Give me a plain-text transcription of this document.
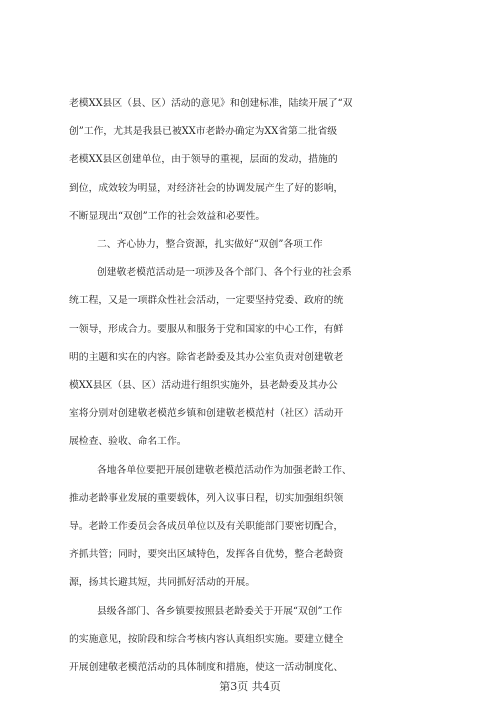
老模XX县区（县、区）活动的意见》和创建标准，陆续开展了“双
创”工作，尤其是我县已被XX市老龄办确定为XX省第二批省级
老模XX县区创建单位，由于领导的重视，层面的发动，措施的
到位，成效较为明显，对经济社会的协调发展产生了好的影响，
不断显现出“双创”工作的社会效益和必要性。
二、齐心协力，整合资源，扎实做好“双创”各项工作
创建敬老模范活动是一项涉及各个部门、各个行业的社会系
统工程，又是一项群众性社会活动，一定要坚持党委、政府的统
一领导，形成合力。要服从和服务于党和国家的中心工作，有鲜
明的主题和实在的内容。除省老龄委及其办公室负责对创建敬老
模XX县区（县、区）活动进行组织实施外，县老龄委及其办公
室将分别对创建敬老模范乡镇和创建敬老模范村（社区）活动开
展检查、验收、命名工作。
各地各单位要把开展创建敬老模范活动作为加强老龄工作、
推动老龄事业发展的重要载体，列入议事日程，切实加强组织领
导。老龄工作委员会各成员单位以及有关职能部门要密切配合，
齐抓共管；同时，要突出区域特色，发挥各自优势，整合老龄资
源，扬其长避其短，共同抓好活动的开展。
县级各部门、各乡镇要按照县老龄委关于开展“双创”工作
的实施意见，按阶段和综合考核内容认真组织实施。要建立健全
开展创建敬老模范活动的具体制度和措施，使这一活动制度化、
第3页 共4页
